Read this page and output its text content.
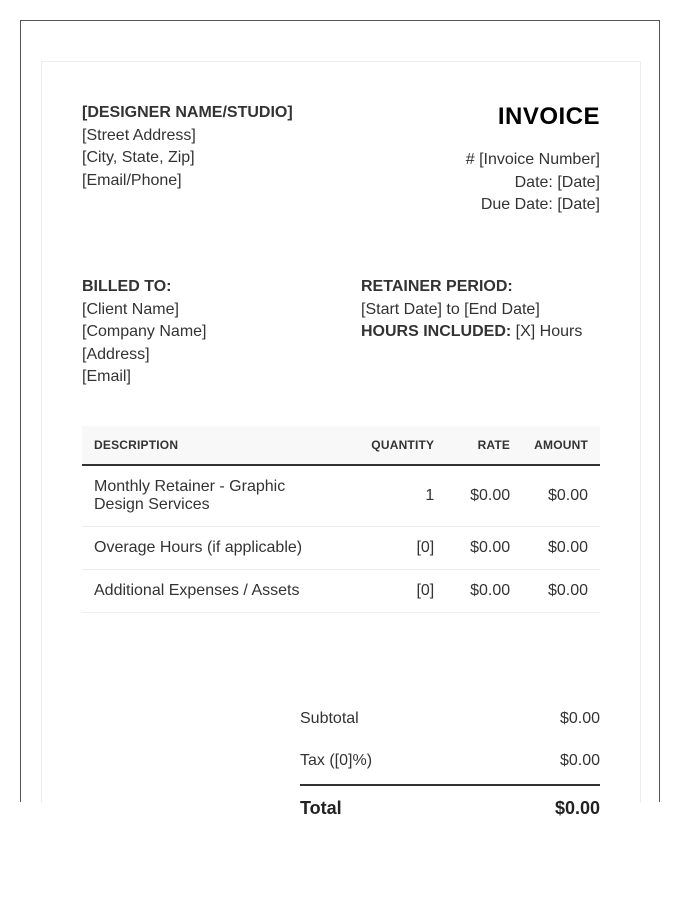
[DESIGNER NAME/STUDIO]
[Street Address]
[City, State, Zip]
[Email/Phone]
INVOICE
# [Invoice Number]
Date: [Date]
Due Date: [Date]
BILLED TO:
[Client Name]
[Company Name]
[Address]
[Email]
RETAINER PERIOD:
[Start Date] to [End Date]
HOURS INCLUDED: [X] Hours
DESCRIPTION	QUANTITY	RATE	AMOUNT
Monthly Retainer - Graphic Design Services	1	$0.00	$0.00
Overage Hours (if applicable)	[0]	$0.00	$0.00
Additional Expenses / Assets	[0]	$0.00	$0.00
Subtotal	$0.00
Tax ([0]%)	$0.00
Total	$0.00
